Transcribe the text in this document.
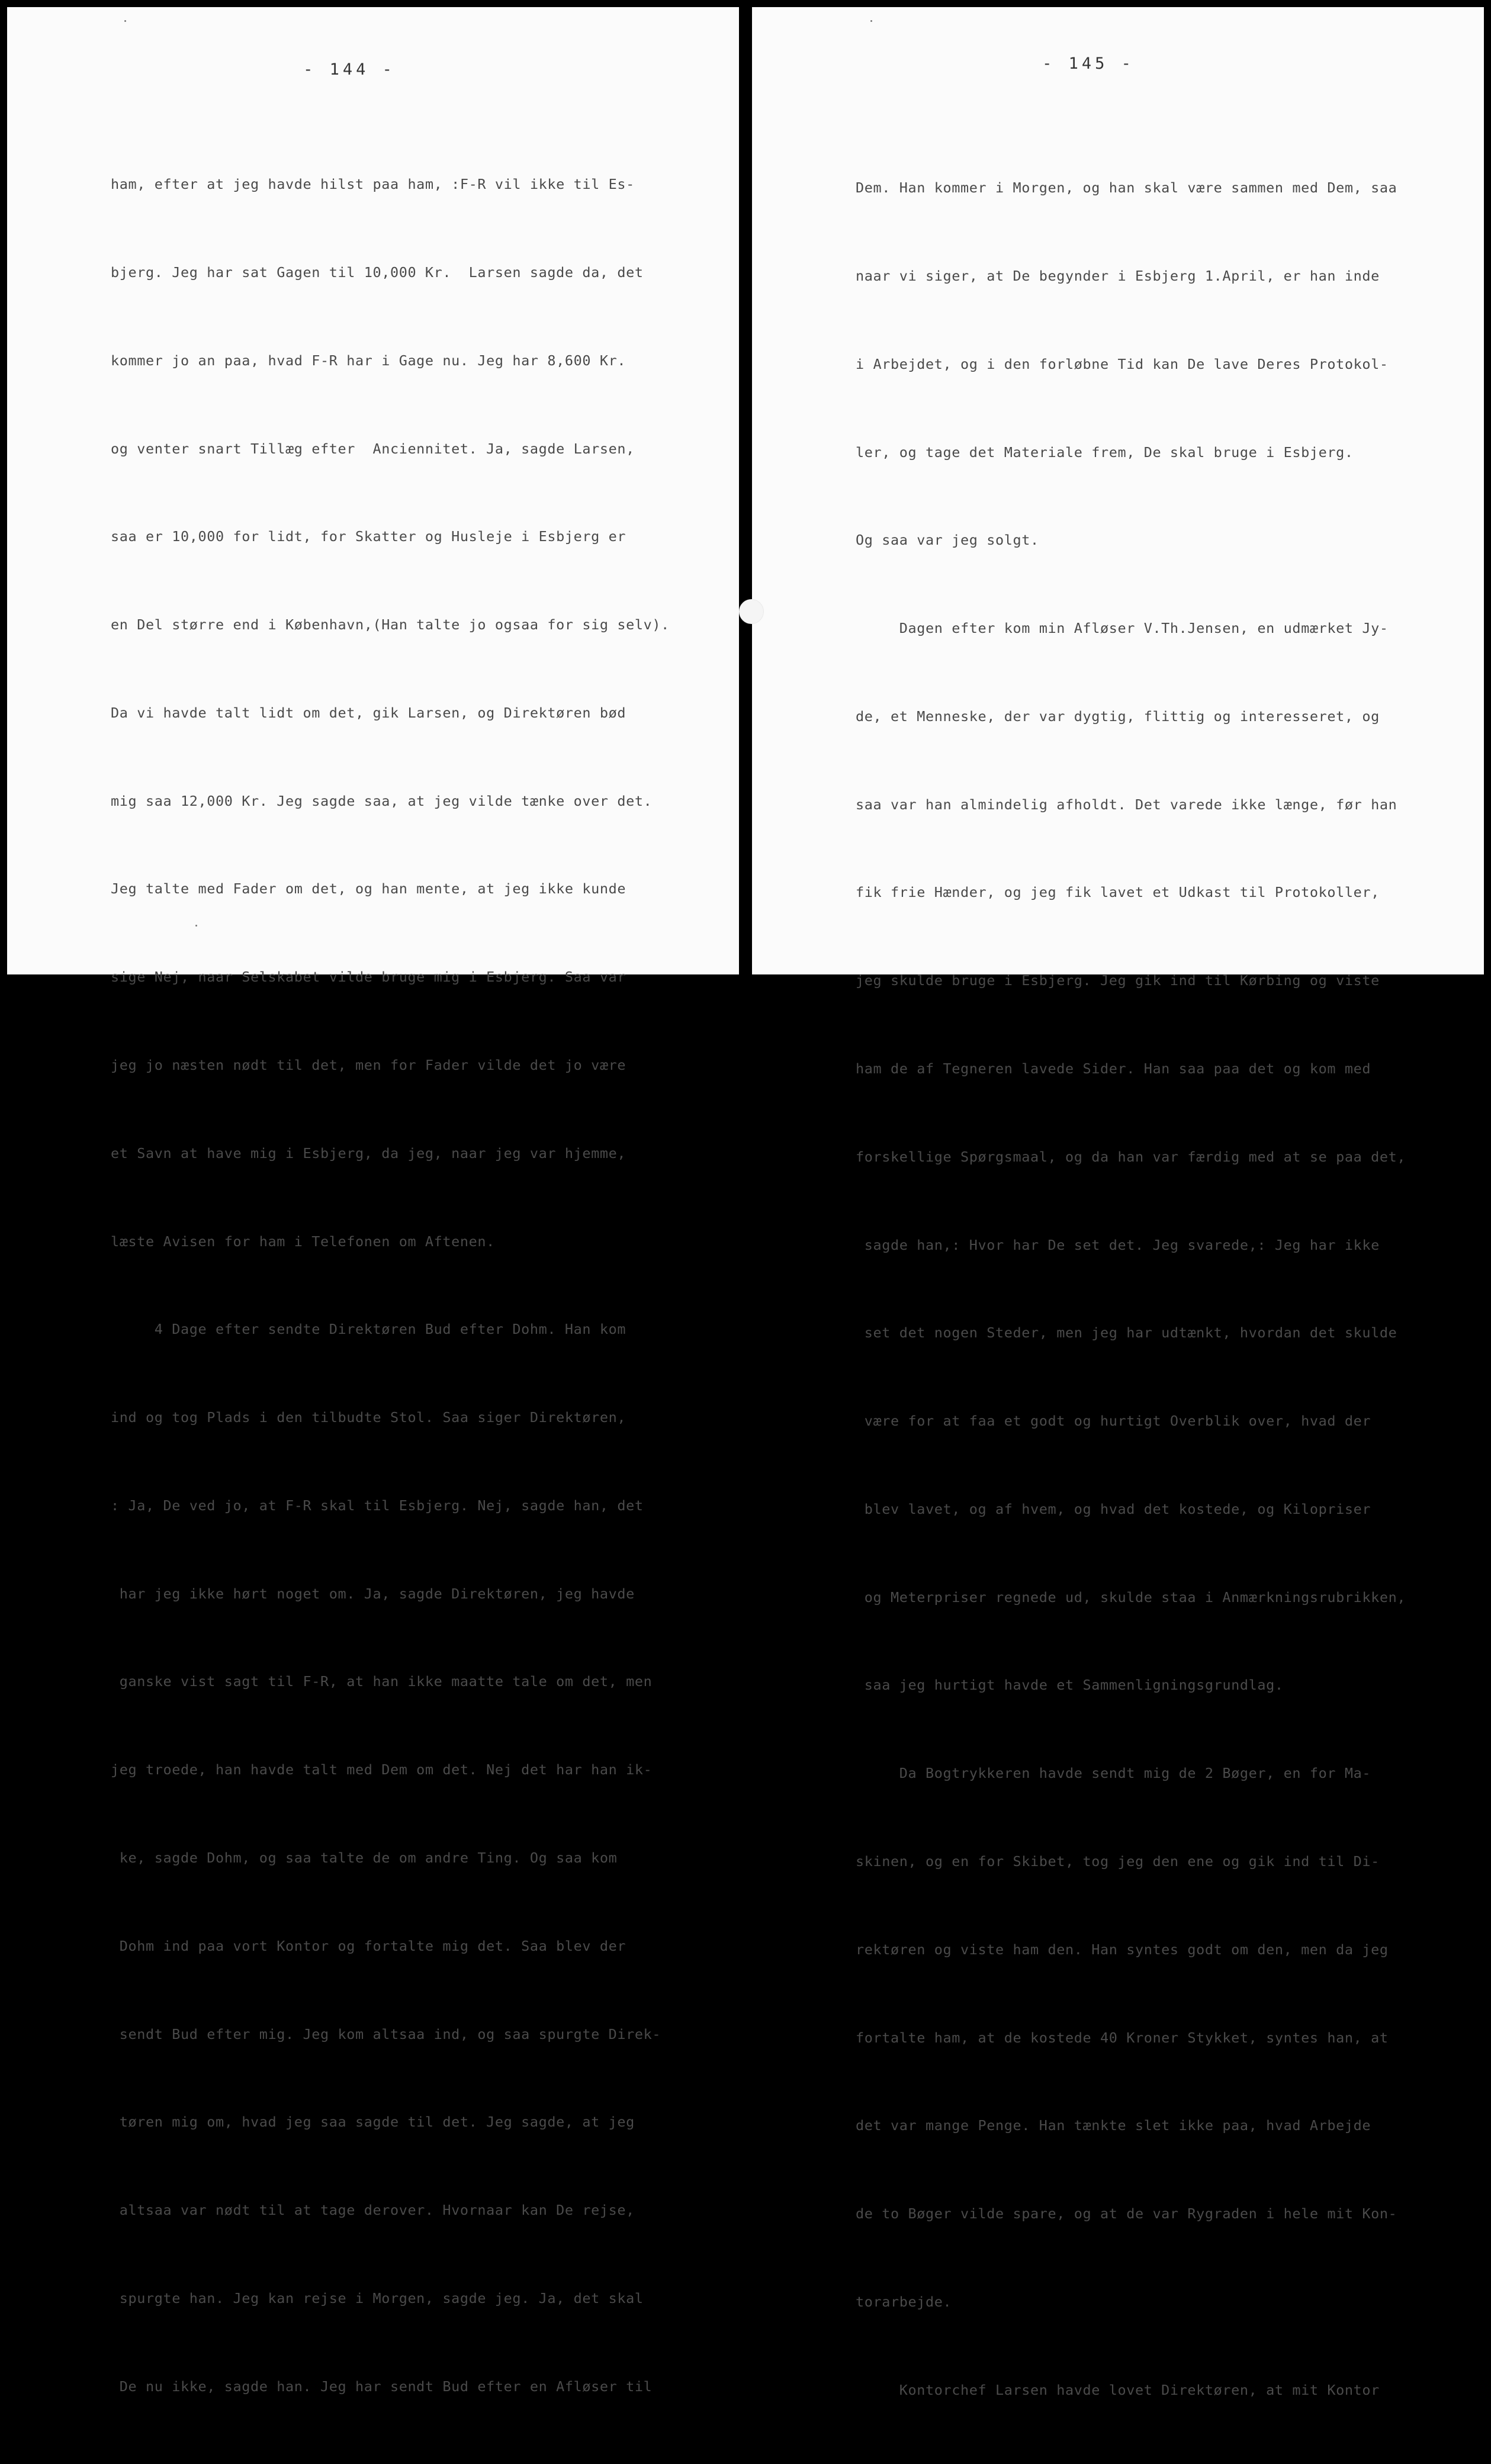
- 144 -

ham, efter at jeg havde hilst paa ham, :F-R vil ikke til Es-

bjerg. Jeg har sat Gagen til 10,000 Kr.  Larsen sagde da, det

kommer jo an paa, hvad F-R har i Gage nu. Jeg har 8,600 Kr.

og venter snart Tillæg efter  Anciennitet. Ja, sagde Larsen,

saa er 10,000 for lidt, for Skatter og Husleje i Esbjerg er

en Del større end i København,(Han talte jo ogsaa for sig selv).

Da vi havde talt lidt om det, gik Larsen, og Direktøren bød

mig saa 12,000 Kr. Jeg sagde saa, at jeg vilde tænke over det.

Jeg talte med Fader om det, og han mente, at jeg ikke kunde

sige Nej, naar Selskabet vilde bruge mig i Esbjerg. Saa var

jeg jo næsten nødt til det, men for Fader vilde det jo være

et Savn at have mig i Esbjerg, da jeg, naar jeg var hjemme,

læste Avisen for ham i Telefonen om Aftenen.

4 Dage efter sendte Direktøren Bud efter Dohm. Han kom

ind og tog Plads i den tilbudte Stol. Saa siger Direktøren,

: Ja, De ved jo, at F-R skal til Esbjerg. Nej, sagde han, det

har jeg ikke hørt noget om. Ja, sagde Direktøren, jeg havde

ganske vist sagt til F-R, at han ikke maatte tale om det, men

jeg troede, han havde talt med Dem om det. Nej det har han ik-

ke, sagde Dohm, og saa talte de om andre Ting. Og saa kom

Dohm ind paa vort Kontor og fortalte mig det. Saa blev der

sendt Bud efter mig. Jeg kom altsaa ind, og saa spurgte Direk-

tøren mig om, hvad jeg saa sagde til det. Jeg sagde, at jeg

altsaa var nødt til at tage derover. Hvornaar kan De rejse,

spurgte han. Jeg kan rejse i Morgen, sagde jeg. Ja, det skal

De nu ikke, sagde han. Jeg har sendt Bud efter en Afløser til

- 145 -

Dem. Han kommer i Morgen, og han skal være sammen med Dem, saa

naar vi siger, at De begynder i Esbjerg 1.April, er han inde

i Arbejdet, og i den forløbne Tid kan De lave Deres Protokol-

ler, og tage det Materiale frem, De skal bruge i Esbjerg.

Og saa var jeg solgt.

Dagen efter kom min Afløser V.Th.Jensen, en udmærket Jy-

de, et Menneske, der var dygtig, flittig og interesseret, og

saa var han almindelig afholdt. Det varede ikke længe, før han

fik frie Hænder, og jeg fik lavet et Udkast til Protokoller,

jeg skulde bruge i Esbjerg. Jeg gik ind til Kørbing og viste

ham de af Tegneren lavede Sider. Han saa paa det og kom med

forskellige Spørgsmaal, og da han var færdig med at se paa det,

sagde han,: Hvor har De set det. Jeg svarede,: Jeg har ikke

set det nogen Steder, men jeg har udtænkt, hvordan det skulde

være for at faa et godt og hurtigt Overblik over, hvad der

blev lavet, og af hvem, og hvad det kostede, og Kilopriser

og Meterpriser regnede ud, skulde staa i Anmærkningsrubrikken,

saa jeg hurtigt havde et Sammenligningsgrundlag.

Da Bogtrykkeren havde sendt mig de 2 Bøger, en for Ma-

skinen, og en for Skibet, tog jeg den ene og gik ind til Di-

rektøren og viste ham den. Han syntes godt om den, men da jeg

fortalte ham, at de kostede 40 Kroner Stykket, syntes han, at

det var mange Penge. Han tænkte slet ikke paa, hvad Arbejde

de to Bøger vilde spare, og at de var Rygraden i hele mit Kon-

torarbejde.

Kontorchef Larsen havde lovet Direktøren, at mit Kontor
